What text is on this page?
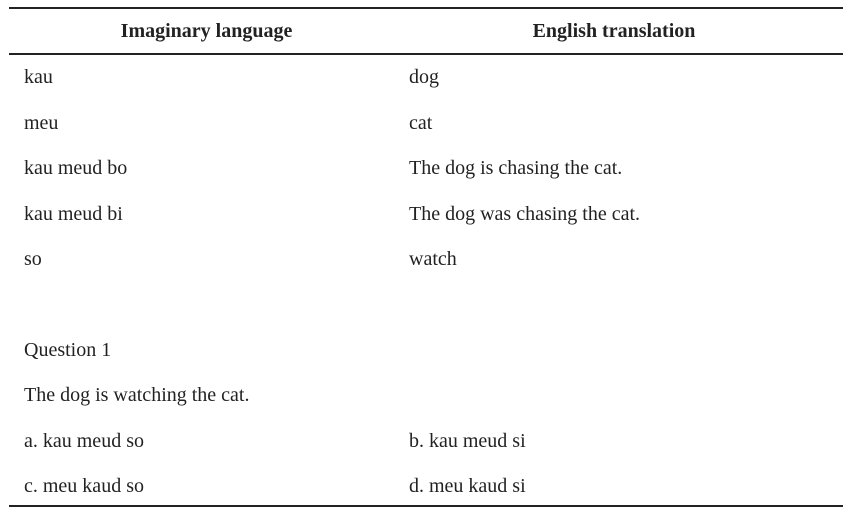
Imaginary language	English translation
kau	dog
meu	cat
kau meud bo	The dog is chasing the cat.
kau meud bi	The dog was chasing the cat.
so	watch
Question 1
The dog is watching the cat.
a. kau meud so	b. kau meud si
c. meu kaud so	d. meu kaud si
